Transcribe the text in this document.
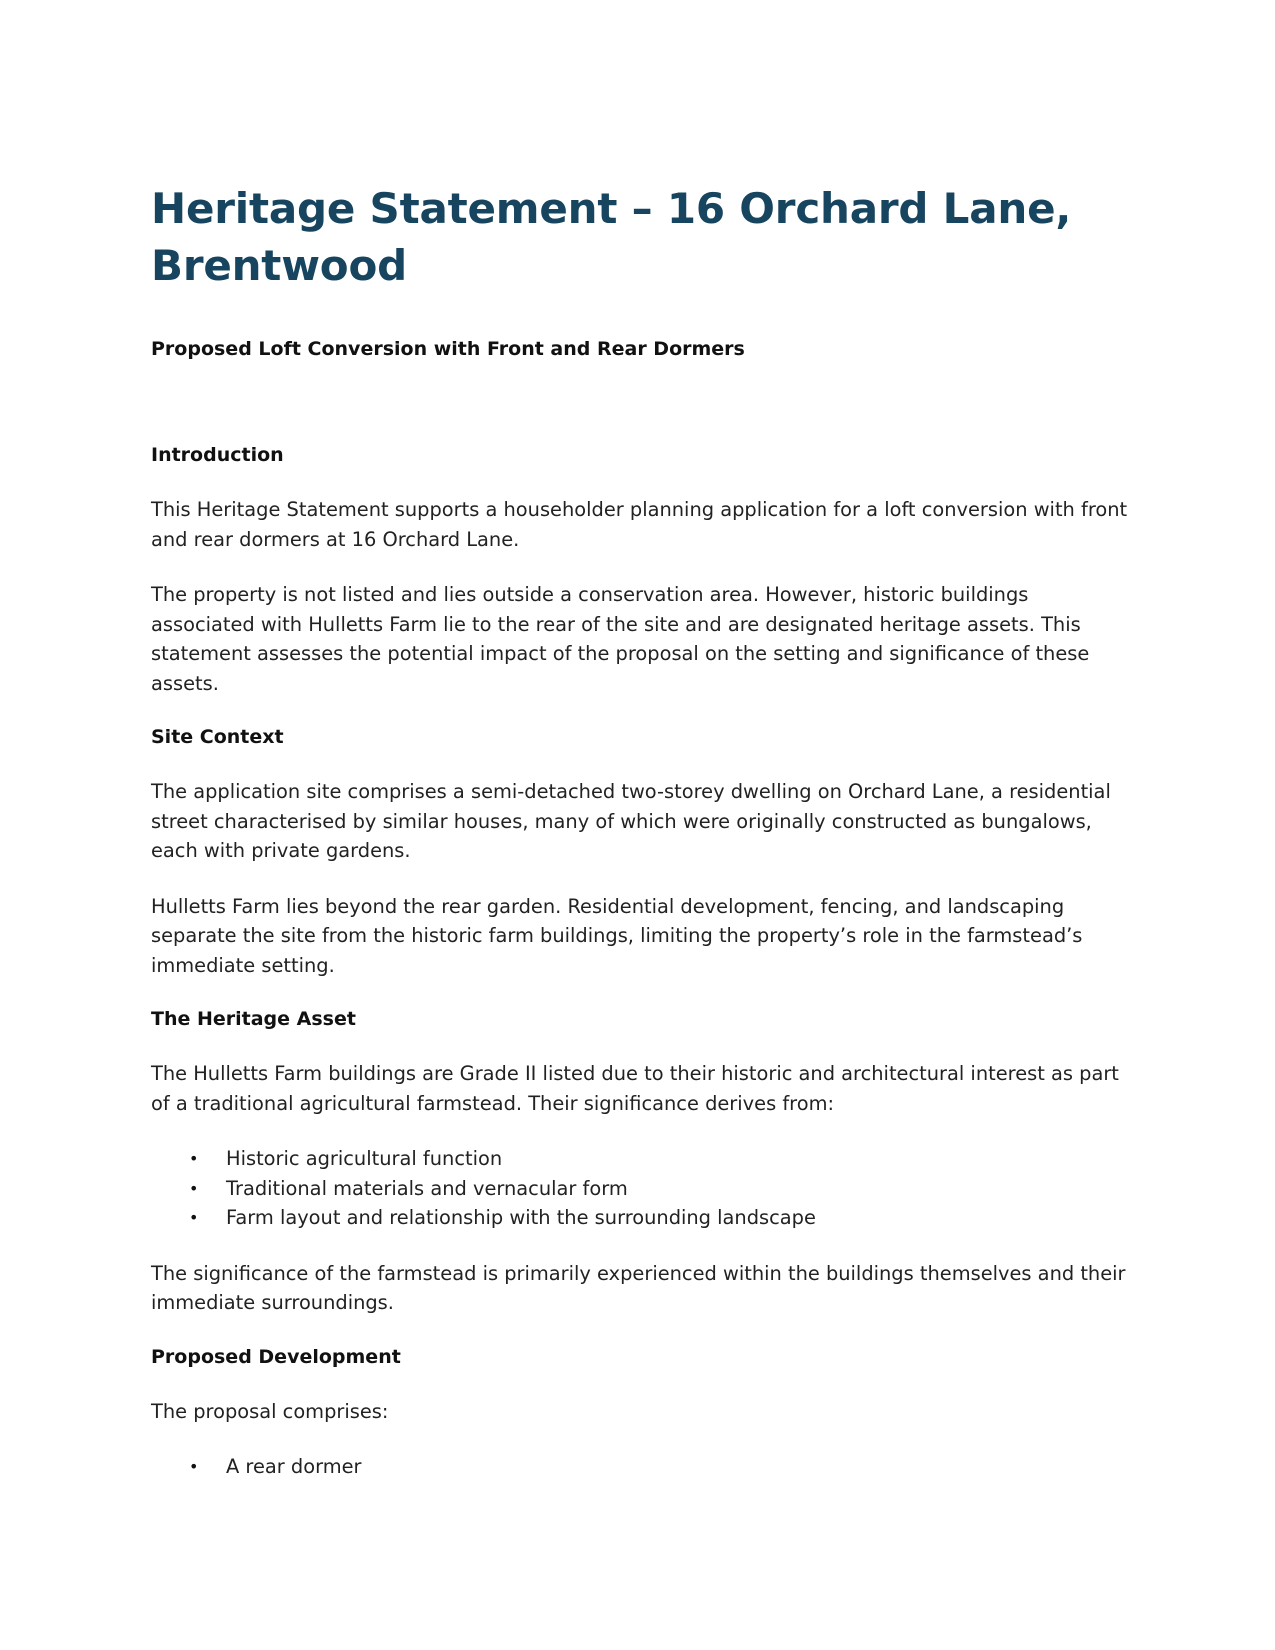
Heritage Statement – 16 Orchard Lane, Brentwood

Proposed Loft Conversion with Front and Rear Dormers

Introduction

This Heritage Statement supports a householder planning application for a loft conversion with front and rear dormers at 16 Orchard Lane.

The property is not listed and lies outside a conservation area. However, historic buildings associated with Hulletts Farm lie to the rear of the site and are designated heritage assets. This statement assesses the potential impact of the proposal on the setting and significance of these assets.

Site Context

The application site comprises a semi-detached two-storey dwelling on Orchard Lane, a residential street characterised by similar houses, many of which were originally constructed as bungalows, each with private gardens.

Hulletts Farm lies beyond the rear garden. Residential development, fencing, and landscaping separate the site from the historic farm buildings, limiting the property’s role in the farmstead’s immediate setting.

The Heritage Asset

The Hulletts Farm buildings are Grade II listed due to their historic and architectural interest as part of a traditional agricultural farmstead. Their significance derives from:

• Historic agricultural function
• Traditional materials and vernacular form
• Farm layout and relationship with the surrounding landscape

The significance of the farmstead is primarily experienced within the buildings themselves and their immediate surroundings.

Proposed Development

The proposal comprises:

• A rear dormer
